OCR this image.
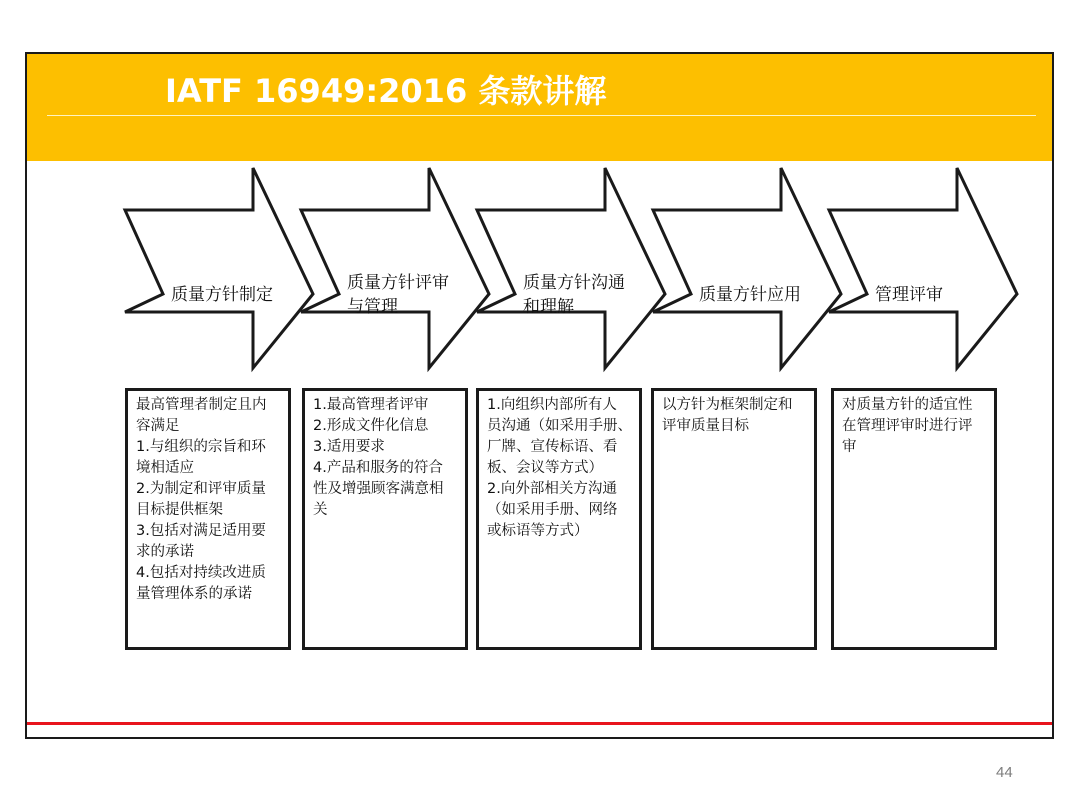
IATF 16949:2016 条款讲解
质量方针制定
质量方针评审
与管理
质量方针沟通
和理解
质量方针应用	管理评审
最高管理者制定且内
容满足
1.与组织的宗旨和环
境相适应
2.为制定和评审质量
目标提供框架
3.包括对满足适用要
求的承诺
4.包括对持续改进质
量管理体系的承诺
1.最高管理者评审
2.形成文件化信息
3.适用要求
4.产品和服务的符合
性及增强顾客满意相
关
1.向组织内部所有人
员沟通（如采用手册、
厂牌、宣传标语、看
板、会议等方式）
2.向外部相关方沟通
（如采用手册、网络
或标语等方式）
以方针为框架制定和
评审质量目标
对质量方针的适宜性
在管理评审时进行评
审
44
